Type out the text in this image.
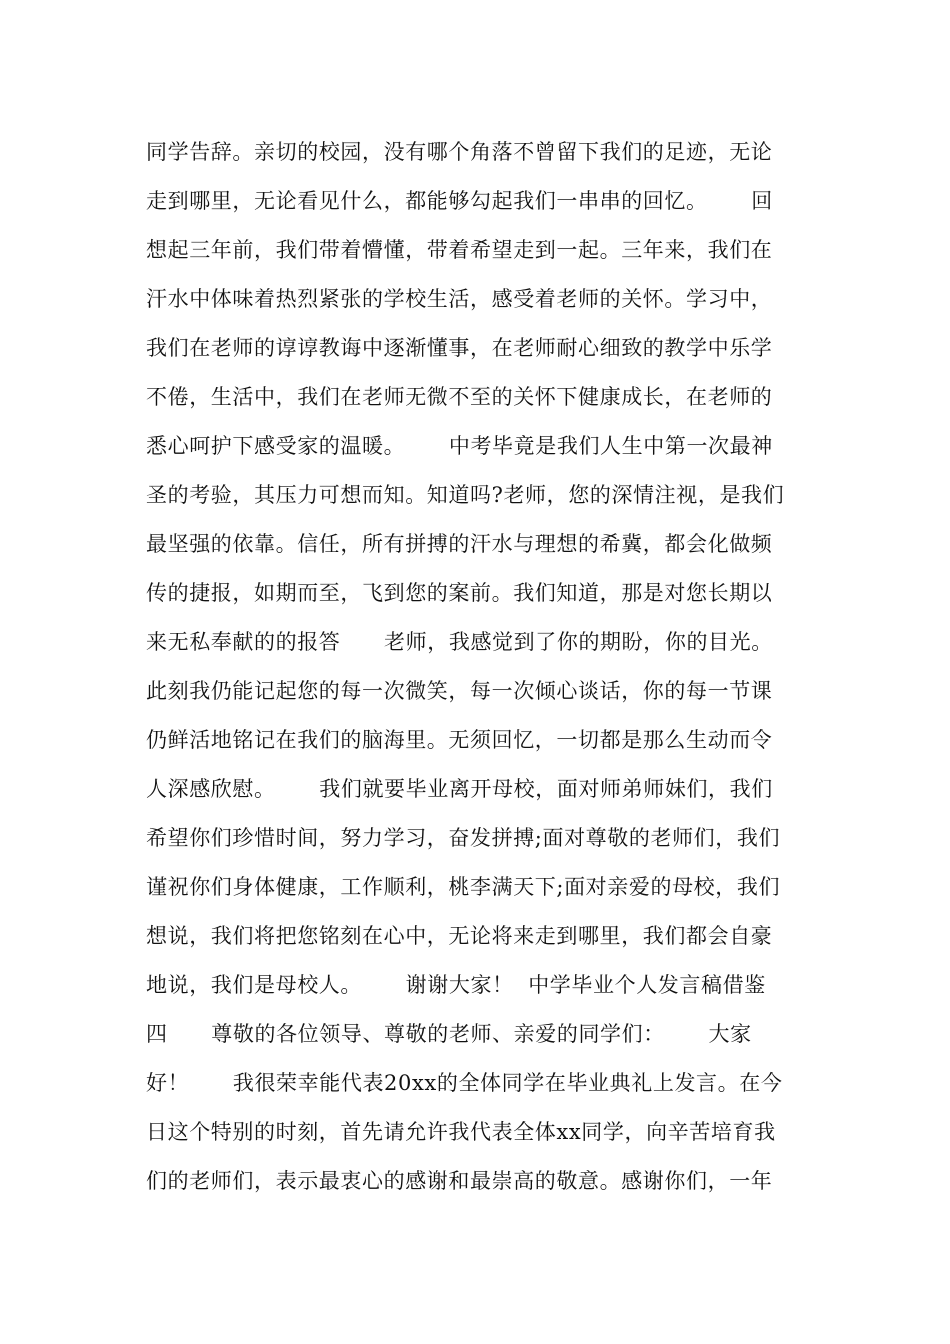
同学告辞。亲切的校园，没有哪个角落不曾留下我们的足迹，无论
走到哪里，无论看见什么，都能够勾起我们一串串的回忆。      回
想起三年前，我们带着懵懂，带着希望走到一起。三年来，我们在
汗水中体味着热烈紧张的学校生活，感受着老师的关怀。学习中，
我们在老师的谆谆教诲中逐渐懂事，在老师耐心细致的教学中乐学
不倦，生活中，我们在老师无微不至的关怀下健康成长，在老师的
悉心呵护下感受家的温暖。      中考毕竟是我们人生中第一次最神
圣的考验，其压力可想而知。知道吗?老师，您的深情注视，是我们
最坚强的依靠。信任，所有拼搏的汗水与理想的希冀，都会化做频
传的捷报，如期而至，飞到您的案前。我们知道，那是对您长期以
来无私奉献的的报答      老师，我感觉到了你的期盼，你的目光。
此刻我仍能记起您的每一次微笑，每一次倾心谈话，你的每一节课
仍鲜活地铭记在我们的脑海里。无须回忆，一切都是那么生动而令
人深感欣慰。      我们就要毕业离开母校，面对师弟师妹们，我们
希望你们珍惜时间，努力学习，奋发拼搏;面对尊敬的老师们，我们
谨祝你们身体健康，工作顺利，桃李满天下;面对亲爱的母校，我们
想说，我们将把您铭刻在心中，无论将来走到哪里，我们都会自豪
地说，我们是母校人。      谢谢大家！  中学毕业个人发言稿借鉴
四      尊敬的各位领导、尊敬的老师、亲爱的同学们：      大家
好！      我很荣幸能代表20xx的全体同学在毕业典礼上发言。在今
日这个特别的时刻，首先请允许我代表全体xx同学，向辛苦培育我
们的老师们，表示最衷心的感谢和最崇高的敬意。感谢你们，一年
